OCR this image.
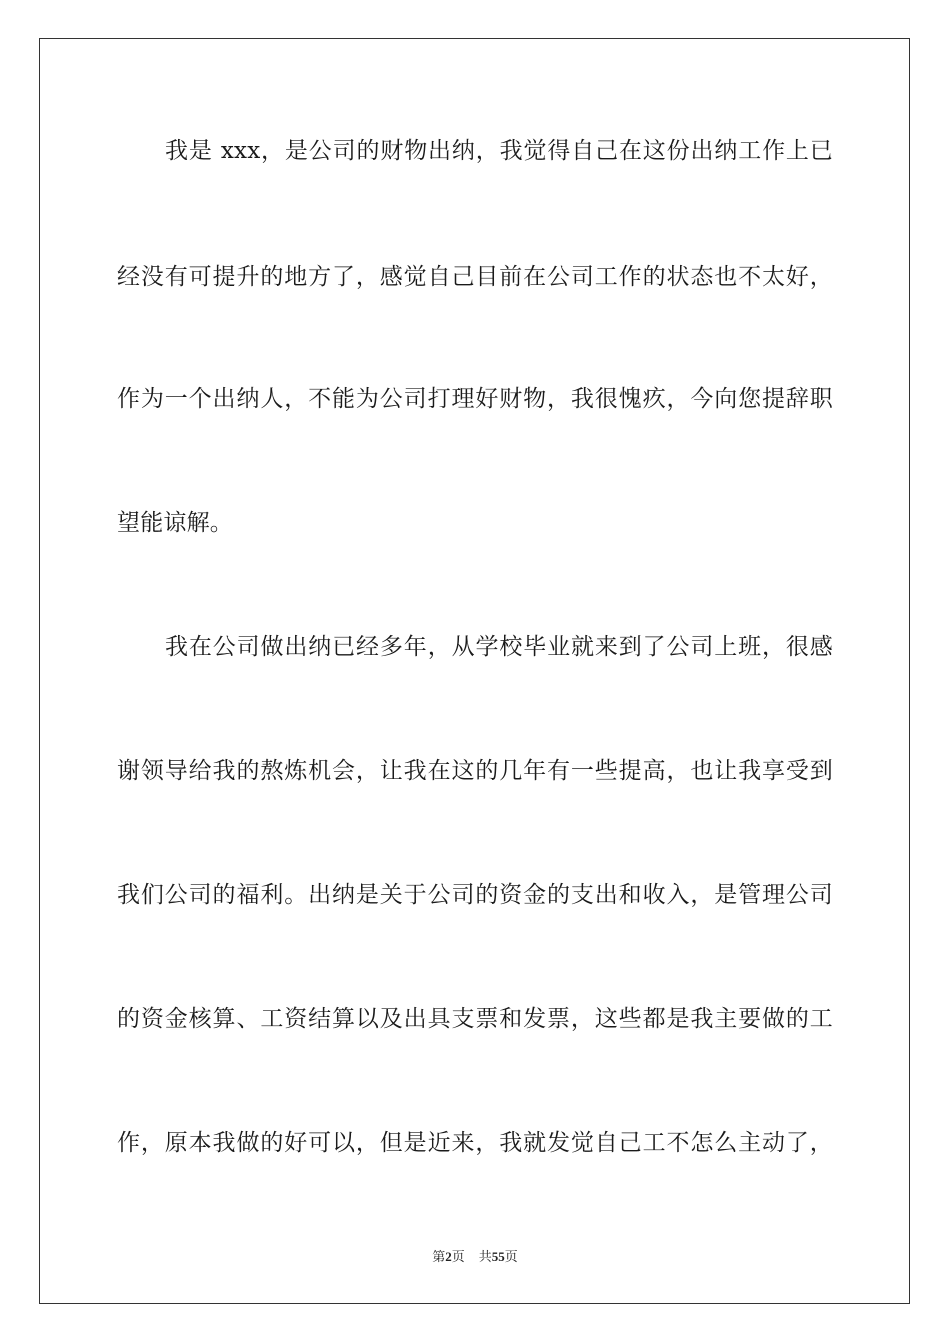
我是 xxx，是公司的财物出纳，我觉得自己在这份出纳工作上已
经没有可提升的地方了，感觉自己目前在公司工作的状态也不太好，
作为一个出纳人，不能为公司打理好财物，我很愧疚，今向您提辞职
望能谅解。
我在公司做出纳已经多年，从学校毕业就来到了公司上班，很感
谢领导给我的熬炼机会，让我在这的几年有一些提高，也让我享受到
我们公司的福利。出纳是关于公司的资金的支出和收入，是管理公司
的资金核算、工资结算以及出具支票和发票，这些都是我主要做的工
作，原本我做的好可以，但是近来，我就发觉自己工不怎么主动了，
第2页 共55页
